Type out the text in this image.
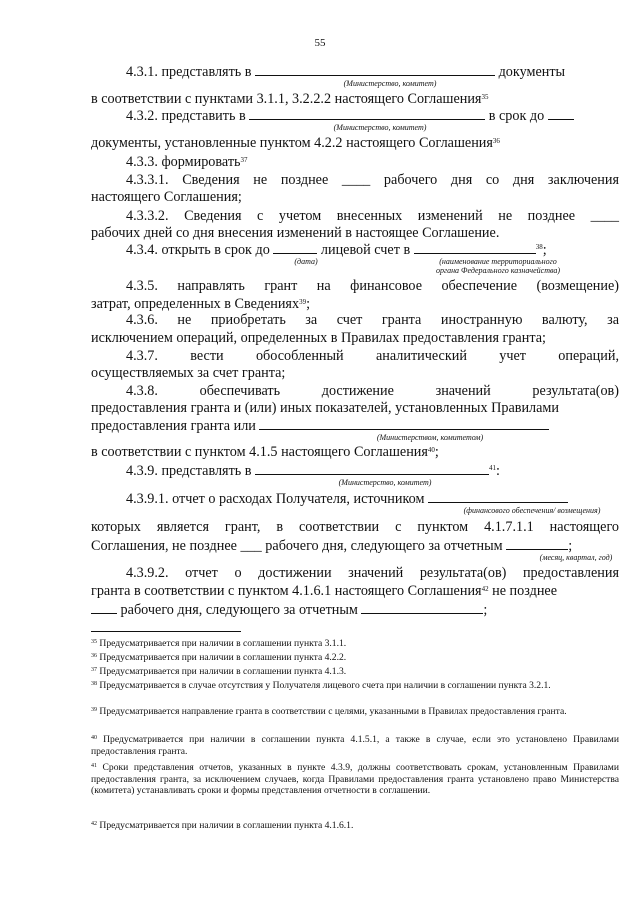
55
4.3.1. представлять в	документы
(Министерство, комитет)
в соответствии с пунктами 3.1.1, 3.2.2.2 настоящего Соглашения$^{35}$
4.3.2. представить в	в срок до
(Министерство, комитет)
документы, установленные пунктом 4.2.2 настоящего Соглашения$^{36}$
4.3.3. формировать$^{37}$
4.3.3.1. Сведения не позднее ____ рабочего дня со дня заключения
настоящего Соглашения;
4.3.3.2. Сведения с учетом внесенных изменений не позднее ____
рабочих дней со дня внесения изменений в настоящее Соглашение.
4.3.4. открыть в срок до	лицевой счет в	$^{38}$;
(дата)	(наименование территориального
органа Федерального казначейства)
4.3.5. направлять грант на финансовое обеспечение (возмещение)
затрат, определенных в Сведениях$^{39}$;
4.3.6. не приобретать за счет гранта иностранную валюту, за
исключением операций, определенных в Правилах предоставления гранта;
4.3.7. вести обособленный аналитический учет операций,
осуществляемых за счет гранта;
4.3.8. обеспечивать достижение значений результата(ов)
предоставления гранта и (или) иных показателей, установленных Правилами
предоставления гранта или
(Министерством, комитетом)
в соответствии с пунктом 4.1.5 настоящего Соглашения$^{40}$;
4.3.9. представлять в	$^{41}$:
(Министерство, комитет)
4.3.9.1. отчет о расходах Получателя, источником
(финансового обеспечения/ возмещения)
которых является грант, в соответствии с пунктом 4.1.7.1.1 настоящего
Соглашения, не позднее ___ рабочего дня, следующего за отчетным	;
(месяц, квартал, год)
4.3.9.2. отчет о достижении значений результата(ов) предоставления
гранта в соответствии с пунктом 4.1.6.1 настоящего Соглашения$^{42}$ не позднее
рабочего дня, следующего за отчетным	;
$^{35}$ Предусматривается при наличии в соглашении пункта 3.1.1.
$^{36}$ Предусматривается при наличии в соглашении пункта 4.2.2.
$^{37}$ Предусматривается при наличии в соглашении пункта 4.1.3.
$^{38}$ Предусматривается в случае отсутствия у Получателя лицевого счета при наличии в соглашении пункта 3.2.1.
$^{39}$ Предусматривается направление гранта в соответствии с целями, указанными в Правилах предоставления гранта.
$^{40}$ Предусматривается при наличии в соглашении пункта 4.1.5.1, а также в случае, если это установлено Правилами предоставления гранта.
$^{41}$ Сроки представления отчетов, указанных в пункте 4.3.9, должны соответствовать срокам, установленным Правилами предоставления гранта, за исключением случаев, когда Правилами предоставления гранта установлено право Министерства (комитета) устанавливать сроки и формы представления отчетности в соглашении.
$^{42}$ Предусматривается при наличии в соглашении пункта 4.1.6.1.
